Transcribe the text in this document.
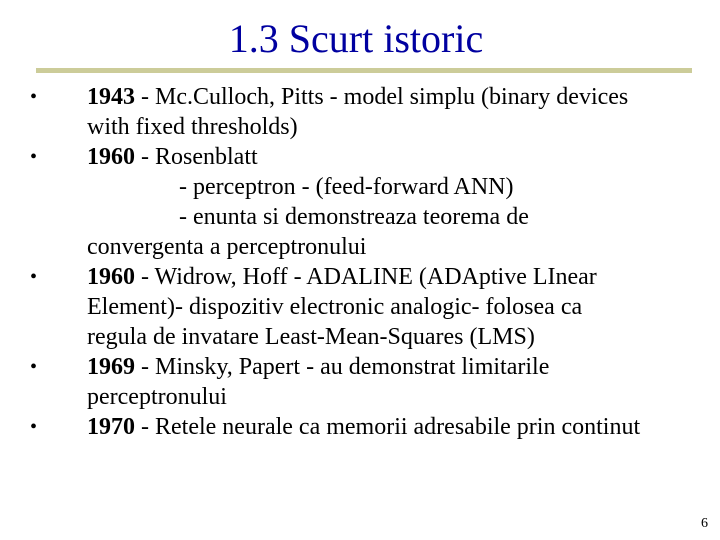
1.3 Scurt istoric
• 1943 - Mc.Culloch, Pitts - model simplu (binary devices with fixed thresholds)
• 1960 - Rosenblatt
- perceptron - (feed-forward ANN)
- enunta si demonstreaza teorema de
convergenta a perceptronului
• 1960 - Widrow, Hoff - ADALINE (ADAptive LInear Element)- dispozitiv electronic analogic- folosea ca regula de invatare Least-Mean-Squares (LMS)
• 1969 - Minsky, Papert - au demonstrat limitarile perceptronului
• 1970 - Retele neurale ca memorii adresabile prin continut
6
